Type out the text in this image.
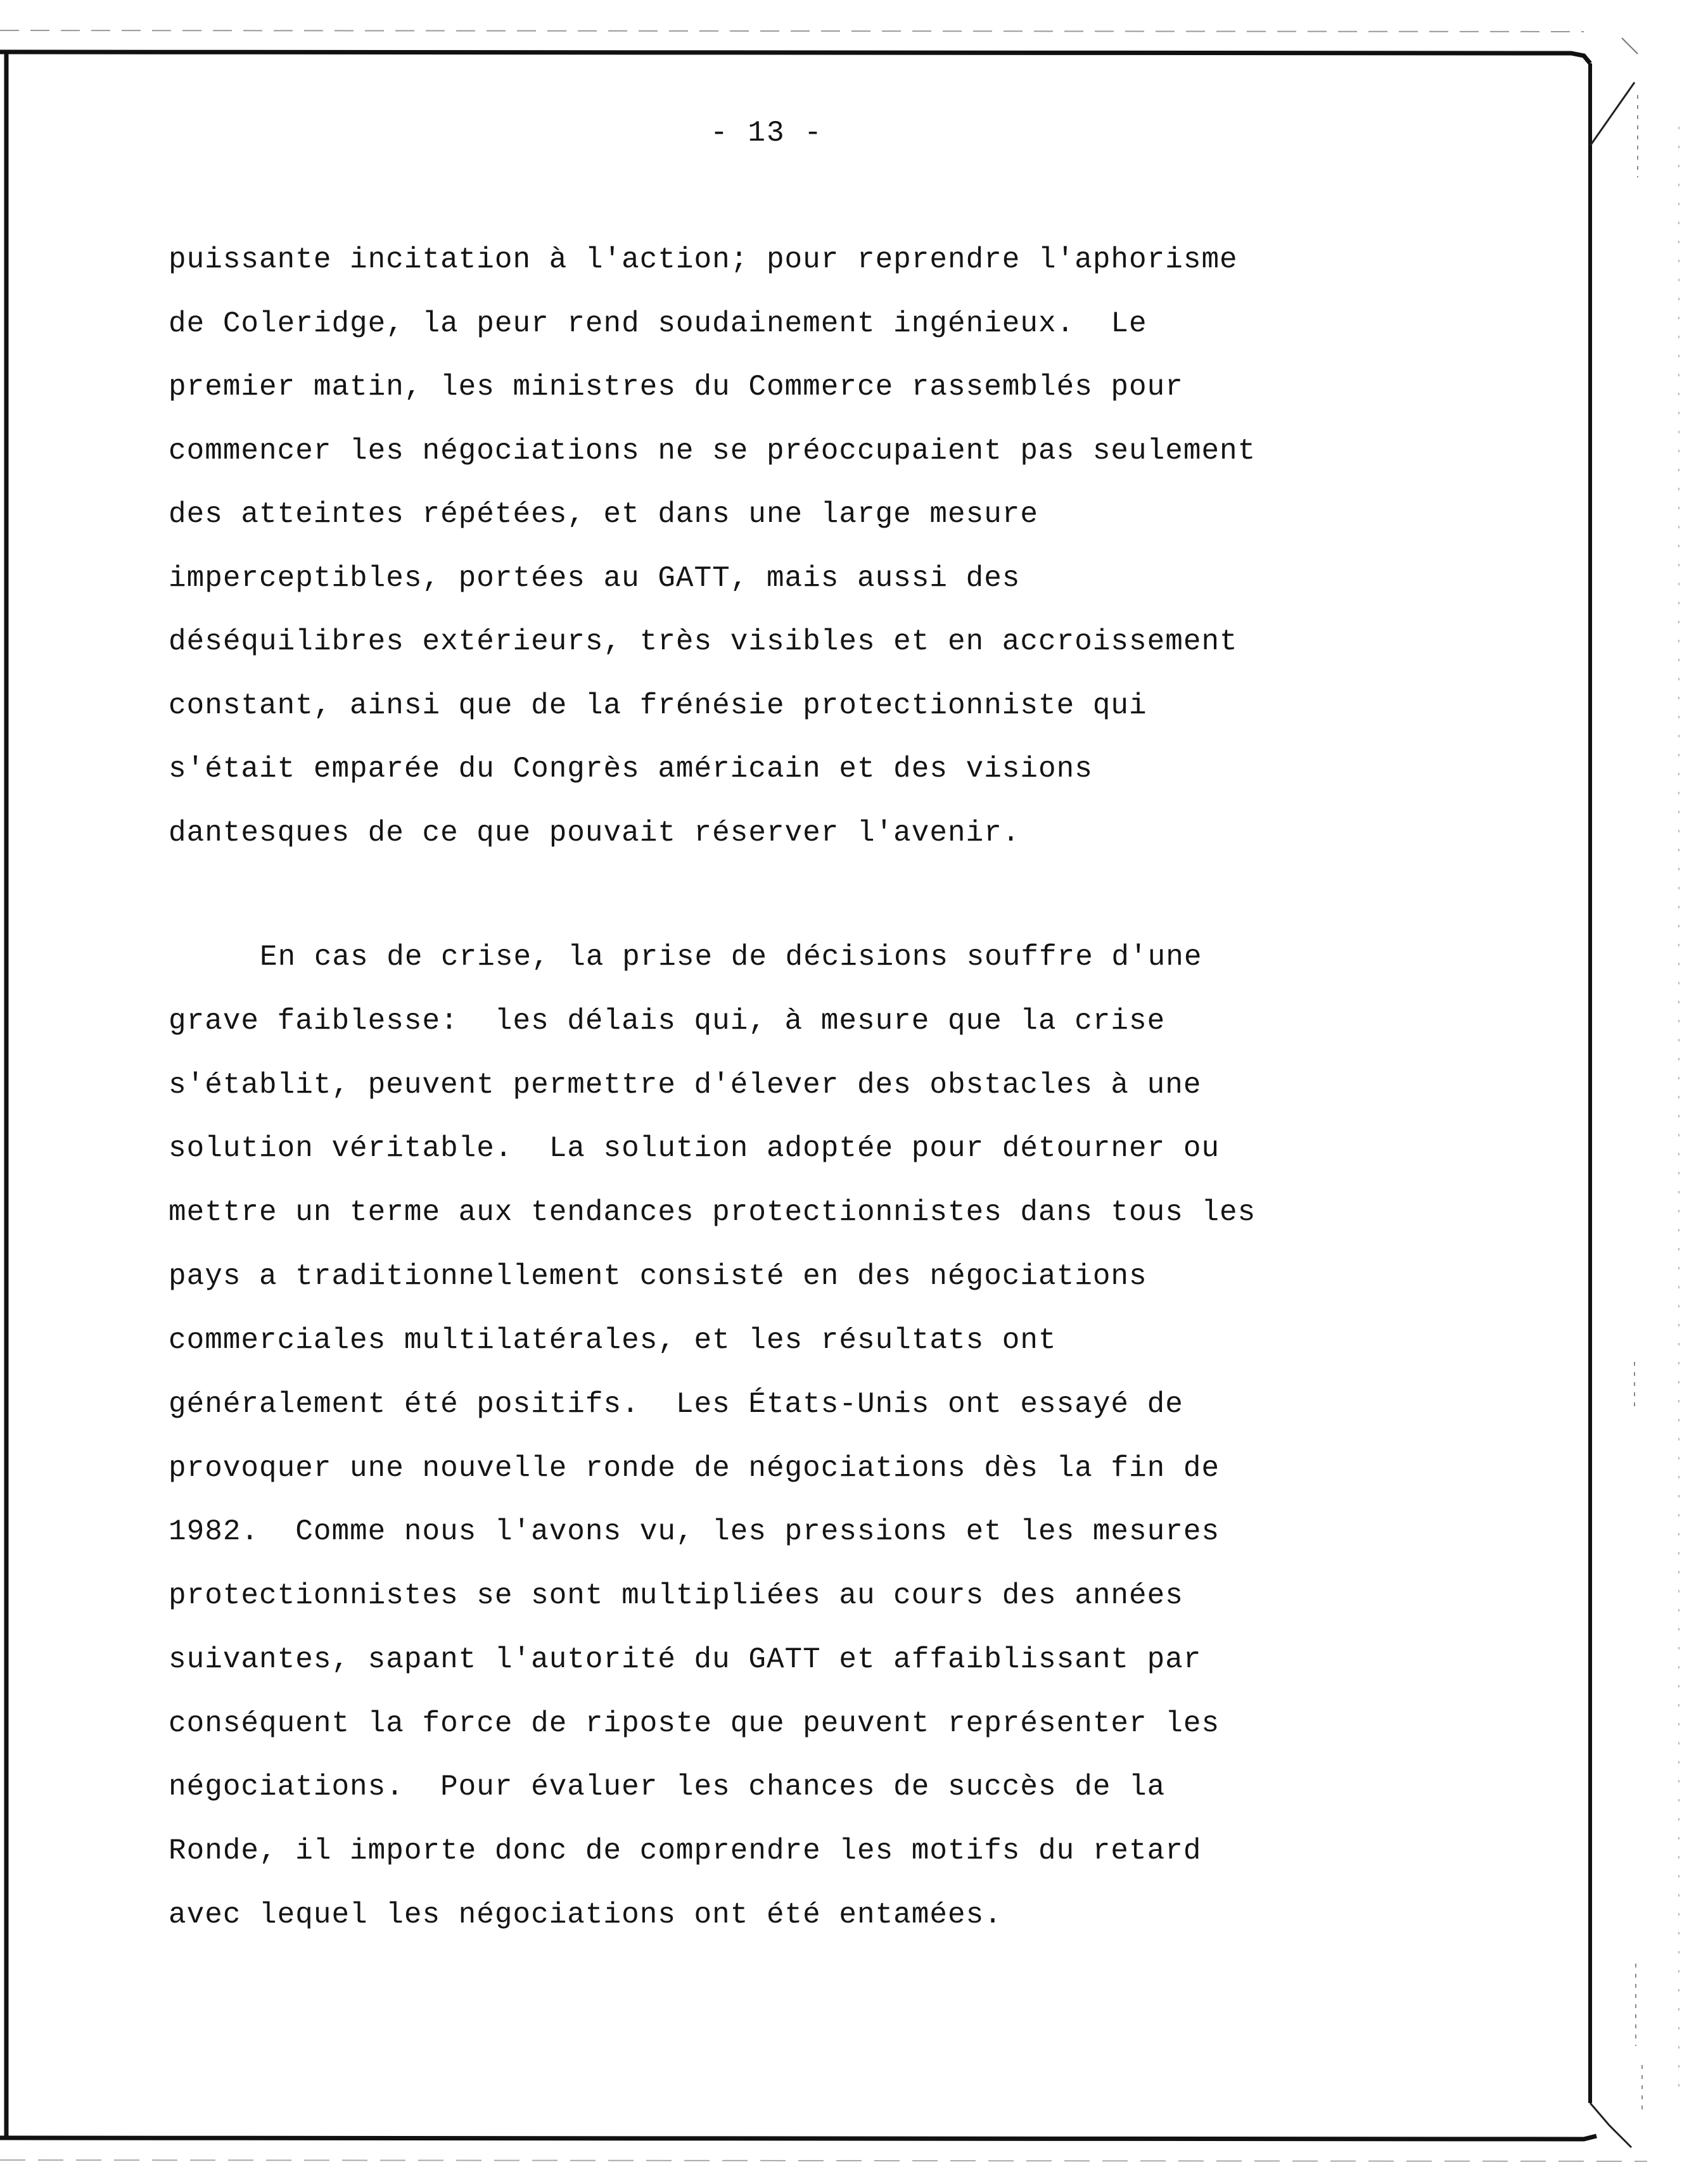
- 13 -
puissante incitation à l'action; pour reprendre l'aphorisme
de Coleridge, la peur rend soudainement ingénieux.  Le
premier matin, les ministres du Commerce rassemblés pour
commencer les négociations ne se préoccupaient pas seulement
des atteintes répétées, et dans une large mesure
imperceptibles, portées au GATT, mais aussi des
déséquilibres extérieurs, très visibles et en accroissement
constant, ainsi que de la frénésie protectionniste qui
s'était emparée du Congrès américain et des visions
dantesques de ce que pouvait réserver l'avenir.
En cas de crise, la prise de décisions souffre d'une
grave faiblesse:  les délais qui, à mesure que la crise
s'établit, peuvent permettre d'élever des obstacles à une
solution véritable.  La solution adoptée pour détourner ou
mettre un terme aux tendances protectionnistes dans tous les
pays a traditionnellement consisté en des négociations
commerciales multilatérales, et les résultats ont
généralement été positifs.  Les États-Unis ont essayé de
provoquer une nouvelle ronde de négociations dès la fin de
1982.  Comme nous l'avons vu, les pressions et les mesures
protectionnistes se sont multipliées au cours des années
suivantes, sapant l'autorité du GATT et affaiblissant par
conséquent la force de riposte que peuvent représenter les
négociations.  Pour évaluer les chances de succès de la
Ronde, il importe donc de comprendre les motifs du retard
avec lequel les négociations ont été entamées.
